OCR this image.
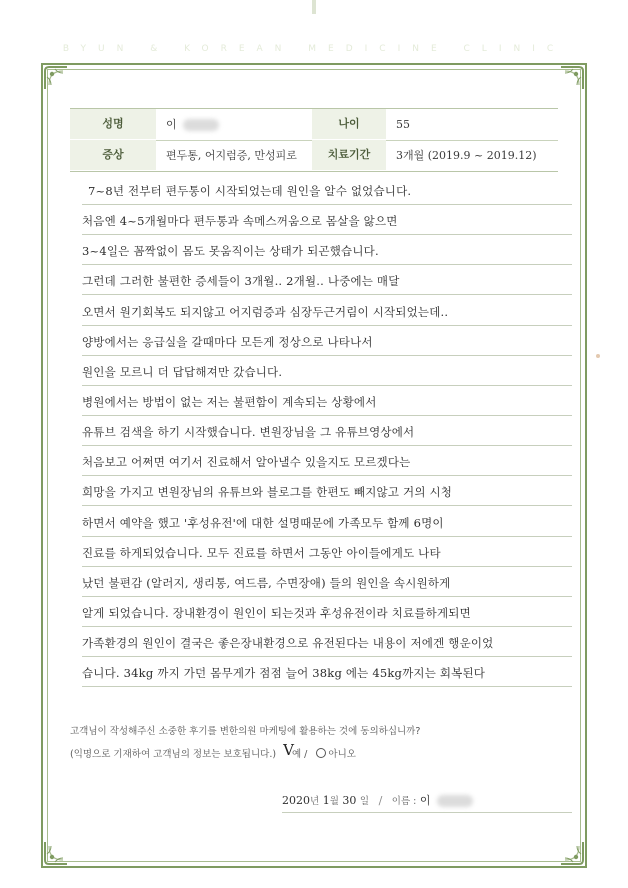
BYUN & KOREAN MEDICINE CLINIC
성명	이	나이	55
증상	편두통, 어지럼증, 만성피로	치료기간	3개월 (2019.9 ~ 2019.12)
7~8년 전부터 편두통이 시작되었는데 원인을 알수 없었습니다.
처음엔 4~5개월마다 편두통과 속메스꺼움으로 몸살을 앓으면
3~4일은 꼼짝없이 몸도 못움직이는 상태가 되곤했습니다.
그런데 그러한 불편한 증세들이 3개월.. 2개월.. 나중에는 매달
오면서 원기회복도 되지않고 어지럼증과 심장두근거림이 시작되었는데..
양방에서는 응급실을 갈때마다 모든게 정상으로 나타나서
원인을 모르니 더 답답해져만 갔습니다.
병원에서는 방법이 없는 저는 불편함이 계속되는 상황에서
유튜브 검색을 하기 시작했습니다. 변원장님을 그 유튜브영상에서
처음보고 어쩌면 여기서 진료해서 알아낼수 있을지도 모르겠다는
희망을 가지고 변원장님의 유튜브와 블로그를 한편도 빼지않고 거의 시청
하면서 예약을 했고 '후성유전'에 대한 설명때문에 가족모두 함께 6명이
진료를 하게되었습니다. 모두 진료를 하면서 그동안 아이들에게도 나타
났던 불편감 (알러지, 생리통, 여드름, 수면장애) 들의 원인을 속시원하게
알게 되었습니다. 장내환경이 원인이 되는것과 후성유전이라 치료를하게되면
가족환경의 원인이 결국은 좋은장내환경으로 유전된다는 내용이 저에겐 행운이었
습니다. 34kg 까지 가던 몸무게가 점점 늘어 38kg 에는 45kg까지는 회복된다
고객님이 작성해주신 소중한 후기를 변한의원 마케팅에 활용하는 것에 동의하십니까?
(익명으로 기재하여 고객님의 정보는 보호됩니다.) V예 / 아니오
2020년 1월 30 일 / 이름 : 이
